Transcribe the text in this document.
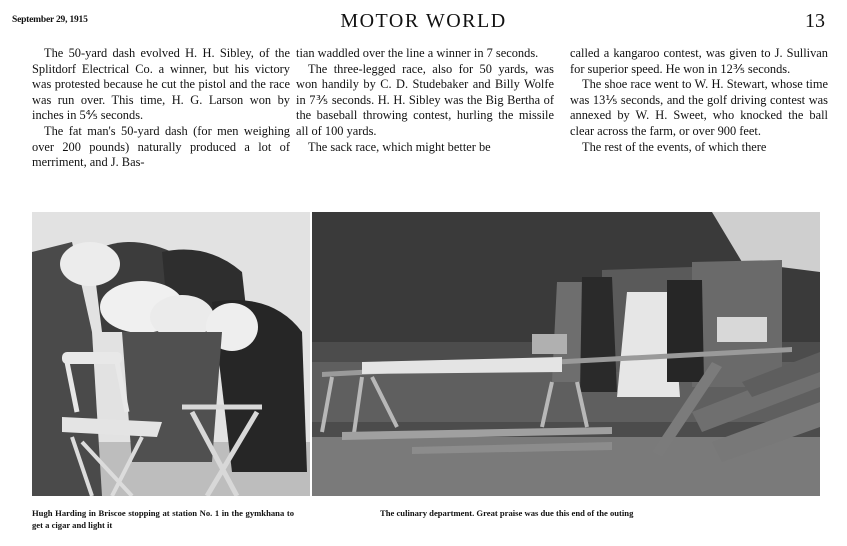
September 29, 1915	MOTOR WORLD	13

The 50-yard dash evolved H. H. Sibley, of the Splitdorf Electrical Co. a winner, but his victory was protested because he cut the pistol and the race was run over. This time, H. G. Larson won by inches in 5⅘ seconds.

The fat man's 50-yard dash (for men weighing over 200 pounds) naturally produced a lot of merriment, and J. Bas-

tian waddled over the line a winner in 7 seconds.

The three-legged race, also for 50 yards, was won handily by C. D. Studebaker and Billy Wolfe in 7⅗ seconds. H. H. Sibley was the Big Bertha of the baseball throwing contest, hurling the missile all of 100 yards.

The sack race, which might better be

called a kangaroo contest, was given to J. Sullivan for superior speed. He won in 12⅗ seconds.

The shoe race went to W. H. Stewart, whose time was 13⅕ seconds, and the golf driving contest was annexed by W. H. Sweet, who knocked the ball clear across the farm, or over 900 feet.

The rest of the events, of which there

Hugh Harding in Briscoe stopping at station No. 1 in the gymkhana to get a cigar and light it
The culinary department. Great praise was due this end of the outing
